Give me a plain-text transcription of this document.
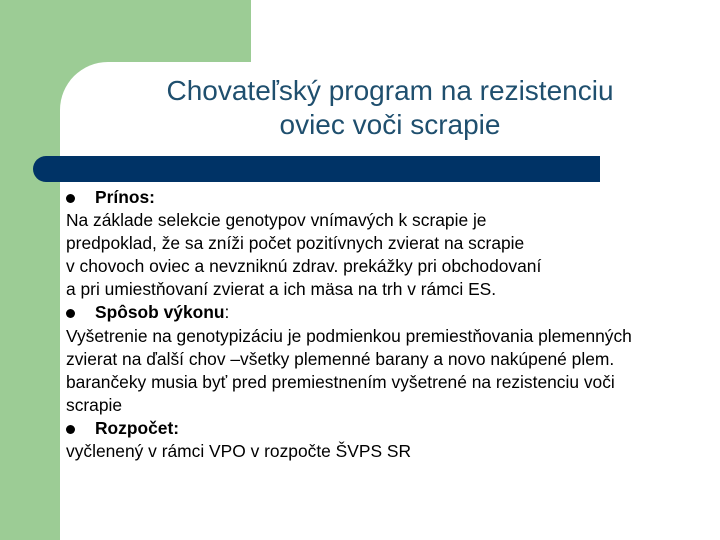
Chovateľský program na rezistenciu
oviec voči scrapie
Prínos:
Na základe selekcie genotypov vnímavých k scrapie je
predpoklad, že sa zníži počet pozitívnych zvierat na scrapie
v chovoch oviec a nevzniknú zdrav. prekážky pri obchodovaní
a pri umiestňovaní zvierat a ich mäsa na trh v rámci ES.
Spôsob výkonu:
Vyšetrenie na genotypizáciu je podmienkou premiestňovania plemenných
zvierat na ďalší chov –všetky plemenné barany a novo nakúpené plem.
barančeky musia byť pred premiestnením vyšetrené na rezistenciu voči
scrapie
Rozpočet:
vyčlenený v rámci VPO v rozpočte ŠVPS SR
